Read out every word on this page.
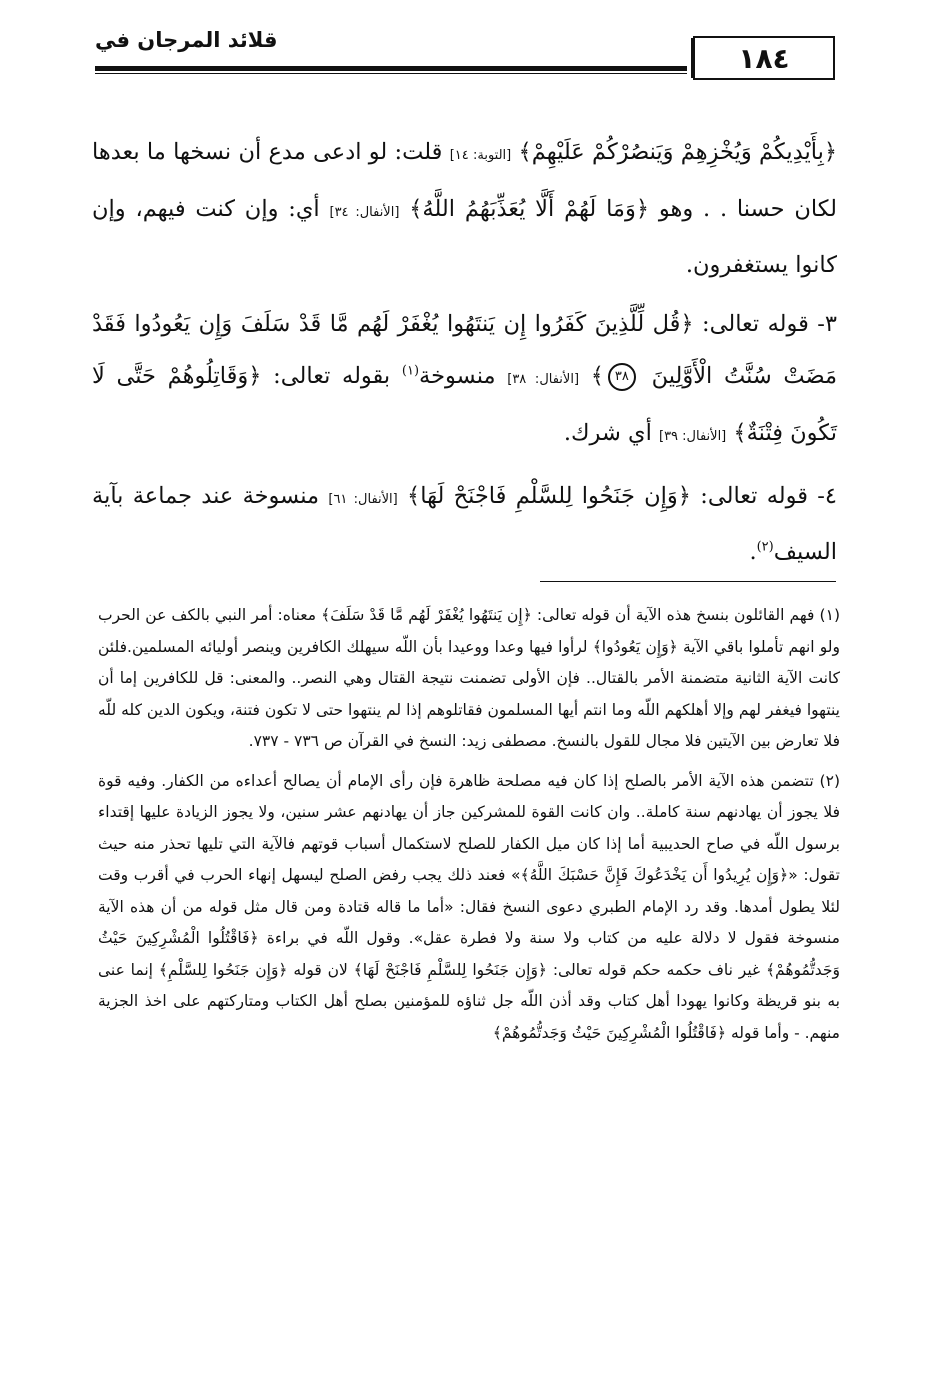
قلائد المرجان في
١٨٤

﴿بِأَيْدِيكُمْ وَيُخْزِهِمْ وَيَنصُرْكُمْ عَلَيْهِمْ﴾ [التوبة: ١٤] قلت: لو ادعى مدع أن نسخها ما بعدها لكان حسنا . . وهو ﴿وَمَا لَهُمْ أَلَّا يُعَذِّبَهُمُ اللَّهُ﴾ [الأنفال: ٣٤] أي: وإن كنت فيهم، وإن كانوا يستغفرون.

٣- قوله تعالى: ﴿قُل لِّلَّذِينَ كَفَرُوا إِن يَنتَهُوا يُغْفَرْ لَهُم مَّا قَدْ سَلَفَ وَإِن يَعُودُوا فَقَدْ مَضَتْ سُنَّتُ الْأَوَّلِينَ ٣٨﴾ [الأنفال: ٣٨] منسوخة$^{(١)}$ بقوله تعالى: ﴿وَقَاتِلُوهُمْ حَتَّى لَا تَكُونَ فِتْنَةٌ﴾ [الأنفال: ٣٩] أي شرك.

٤- قوله تعالى: ﴿وَإِن جَنَحُوا لِلسَّلْمِ فَاجْنَحْ لَهَا﴾ [الأنفال: ٦١] منسوخة عند جماعة بآية السيف$^{(٢)}$.

(١) فهم القائلون بنسخ هذه الآية أن قوله تعالى: ﴿إِن يَنتَهُوا يُغْفَرْ لَهُم مَّا قَدْ سَلَفَ﴾ معناه: أمر النبي بالكف عن الحرب ولو انهم تأملوا باقي الآية ﴿وَإِن يَعُودُوا﴾ لرأوا فيها وعدا ووعيدا بأن اللّه سيهلك الكافرين وينصر أوليائه المسلمين.فلئن كانت الآية الثانية متضمنة الأمر بالقتال.. فإن الأولى تضمنت نتيجة القتال وهي النصر.. والمعنى: قل للكافرين إما أن ينتهوا فيغفر لهم وإلا أهلكهم اللّه وما انتم أيها المسلمون فقاتلوهم إذا لم ينتهوا حتى لا تكون فتنة، ويكون الدين كله للّه فلا تعارض بين الآيتين فلا مجال للقول بالنسخ. مصطفى زيد: النسخ في القرآن ص ٧٣٦ - ٧٣٧.

(٢) تتضمن هذه الآية الأمر بالصلح إذا كان فيه مصلحة ظاهرة فإن رأى الإمام أن يصالح أعداءه من الكفار. وفيه قوة فلا يجوز أن يهادنهم سنة كاملة.. وان كانت القوة للمشركين جاز أن يهادنهم عشر سنين، ولا يجوز الزيادة عليها إقتداء برسول اللّه في صاح الحديبية أما إذا كان ميل الكفار للصلح لاستكمال أسباب قوتهم فالآية التي تليها تحذر منه حيث تقول: «﴿وَإِن يُرِيدُوا أَن يَخْدَعُوكَ فَإِنَّ حَسْبَكَ اللَّهُ﴾» فعند ذلك يجب رفض الصلح ليسهل إنهاء الحرب في أقرب وقت لئلا يطول أمدها. وقد رد الإمام الطبري دعوى النسخ فقال: «أما ما قاله قتادة ومن قال مثل قوله من أن هذه الآية منسوخة فقول لا دلالة عليه من كتاب ولا سنة ولا فطرة عقل». وقول اللّه في براءة ﴿فَاقْتُلُوا الْمُشْرِكِينَ حَيْثُ وَجَدتُّمُوهُمْ﴾ غير ناف حكمه حكم قوله تعالى: ﴿وَإِن جَنَحُوا لِلسَّلْمِ فَاجْنَحْ لَهَا﴾ لان قوله ﴿وَإِن جَنَحُوا لِلسَّلْمِ﴾ إنما عنى به بنو قريظة وكانوا يهودا أهل كتاب وقد أذن اللّه جل ثناؤه للمؤمنين بصلح أهل الكتاب ومتاركتهم على اخذ الجزية منهم. - وأما قوله ﴿فَاقْتُلُوا الْمُشْرِكِينَ حَيْثُ وَجَدتُّمُوهُمْ﴾
